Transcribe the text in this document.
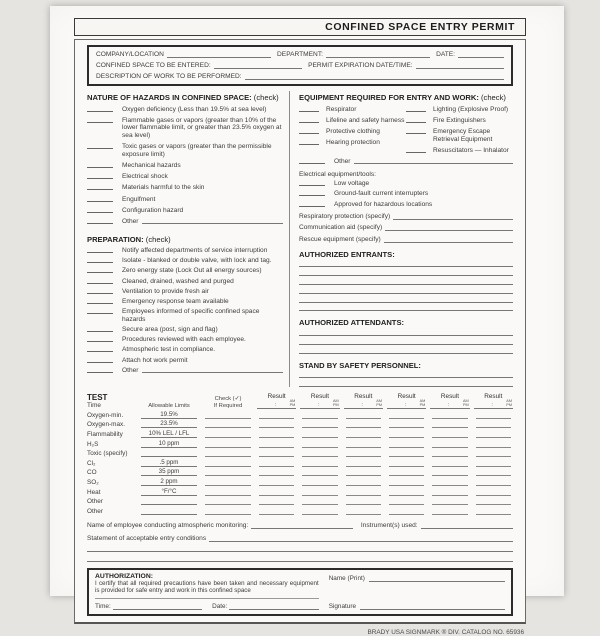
CONFINED SPACE ENTRY PERMIT
COMPANY/LOCATION	DEPARTMENT:	DATE:
CONFINED SPACE TO BE ENTERED:	PERMIT EXPIRATION DATE/TIME:
DESCRIPTION OF WORK TO BE PERFORMED:
NATURE OF HAZARDS IN CONFINED SPACE: (check)
Oxygen deficiency (Less than 19.5% at sea level)
Flammable gases or vapors (greater than 10% of the lower flammable limit, or greater than 23.5% oxygen at sea level)
Toxic gases or vapors (greater than the permissible exposure limit)
Mechanical hazards
Electrical shock
Materials harmful to the skin
Engulfment
Configuration hazard
Other
PREPARATION: (check)
Notify affected departments of service interruption
Isolate - blanked or double valve, with lock and tag.
Zero energy state (Lock Out all energy sources)
Cleaned, drained, washed and purged
Ventilation to provide fresh air
Emergency response team available
Employees informed of specific confined space hazards
Secure area (post, sign and flag)
Procedures reviewed with each employee.
Atmospheric test in compliance.
Attach hot work permit
Other
EQUIPMENT REQUIRED FOR ENTRY AND WORK: (check)
Respirator
Lifeline and safety harness
Protective clothing
Hearing protection
Lighting (Explosive Proof)
Fire Extinguishers
Emergency Escape Retrieval Equipment
Resuscitators — Inhalator
Other
Electrical equipment/tools:
Low voltage
Ground-fault current interrupters
Approved for hazardous locations
Respiratory protection (specify)
Communication aid (specify)
Rescue equipment (specify)
AUTHORIZED ENTRANTS:
AUTHORIZED ATTENDANTS:
STAND BY SAFETY PERSONNEL:
TEST
Time	Allowable Limits
Check (✓)
If Required
Result
:
AM
PM
Result
:
AM
PM
Result
:
AM
PM
Result
:
AM
PM
Result
:
AM
PM
Result
:
AM
PM
Oxygen-min.	19.5%
Oxygen-max.	23.5%
Flammability	10% LEL / LFL
H₂S	10 ppm
Toxic (specify)
Cl₂	.5 ppm
CO	35 ppm
SO₂	2 ppm
Heat	°F/°C
Other
Other
Name of employee conducting atmospheric monitoring:	Instrument(s) used:
Statement of acceptable entry conditions
AUTHORIZATION:
I certify that all required precautions have been taken and necessary equipment is provided for safe entry and work in this confined space
Time:	Date:
Name (Print)
Signature
BRADY USA SIGNMARK ® DIV. CATALOG NO. 65936
